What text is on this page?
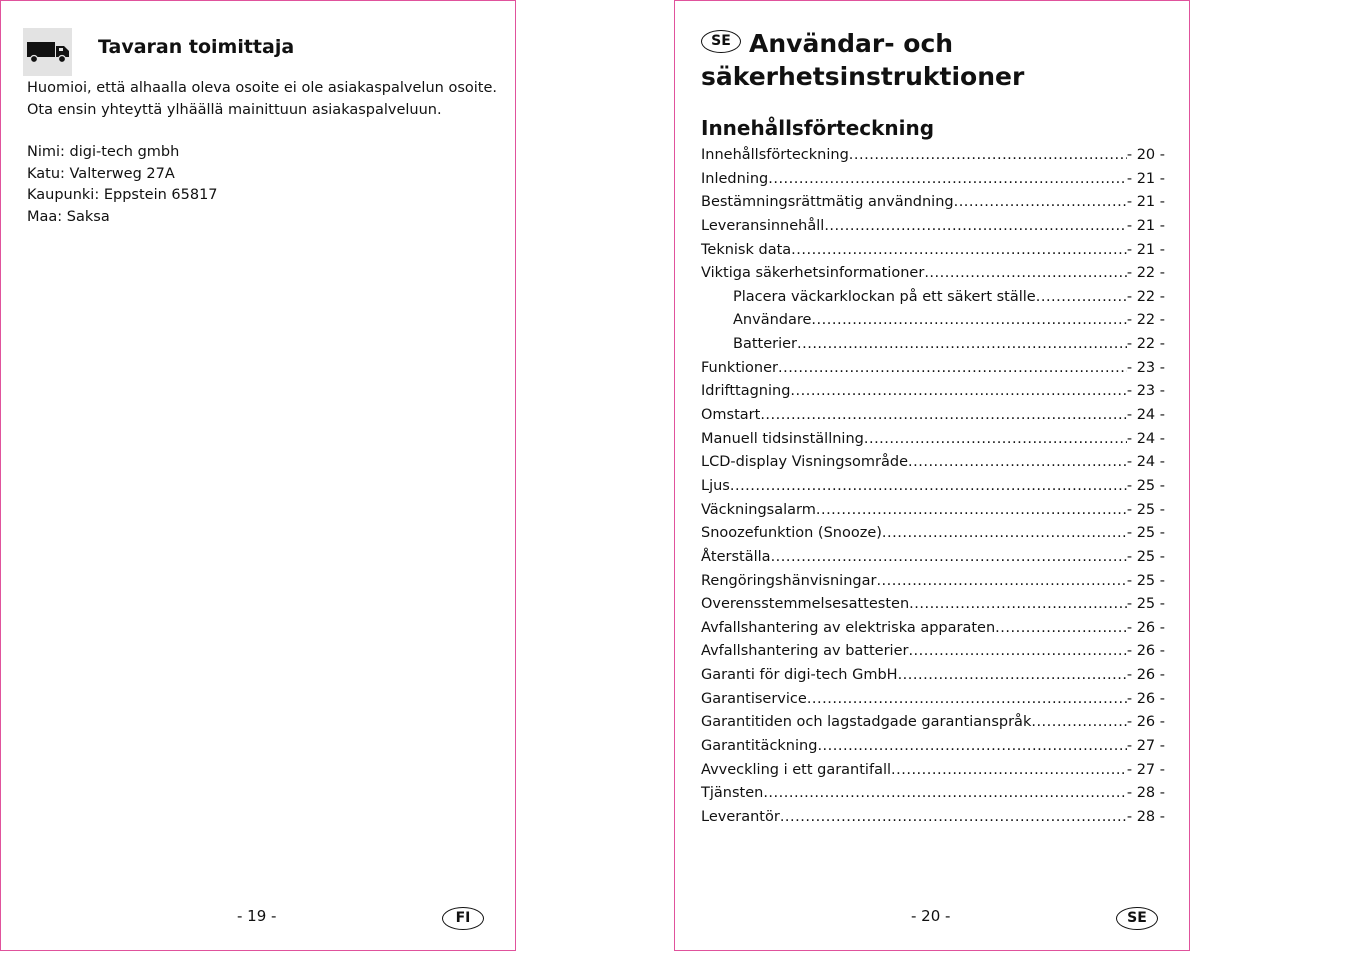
Tavaran toimittaja

Huomioi, että alhaalla oleva osoite ei ole asiakaspalvelun osoite.

Ota ensin yhteyttä ylhäällä mainittuun asiakaspalveluun.

Nimi: digi-tech gmbh

Katu: Valterweg 27A

Kaupunki: Eppstein 65817

Maa: Saksa

- 19 -	FI
SE Användar- och
säkerhetsinstruktioner
Innehållsförteckning
Innehållsförteckning .....	- 20 -
Inledning .....	- 21 -
Bestämningsrättmätig användning .....	- 21 -
Leveransinnehåll .....	- 21 -
Teknisk data .....	- 21 -
Viktiga säkerhetsinformationer .....	- 22 -
Placera väckarklockan på ett säkert ställe .....	- 22 -
Användare .....	- 22 -
Batterier .....	- 22 -
Funktioner .....	- 23 -
Idrifttagning .....	- 23 -
Omstart .....	- 24 -
Manuell tidsinställning .....	- 24 -
LCD-display Visningsområde .....	- 24 -
Ljus .....	- 25 -
Väckningsalarm .....	- 25 -
Snoozefunktion (Snooze) .....	- 25 -
Återställa .....	- 25 -
Rengöringshänvisningar .....	- 25 -
Overensstemmelsesattesten .....	- 25 -
Avfallshantering av elektriska apparaten .....	- 26 -
Avfallshantering av batterier .....	- 26 -
Garanti för digi-tech GmbH .....	- 26 -
Garantiservice .....	- 26 -
Garantitiden och lagstadgade garantianspråk .....	- 26 -
Garantitäckning .....	- 27 -
Avveckling i ett garantifall .....	- 27 -
Tjänsten .....	- 28 -
Leverantör .....	- 28 -
- 20 -	SE
